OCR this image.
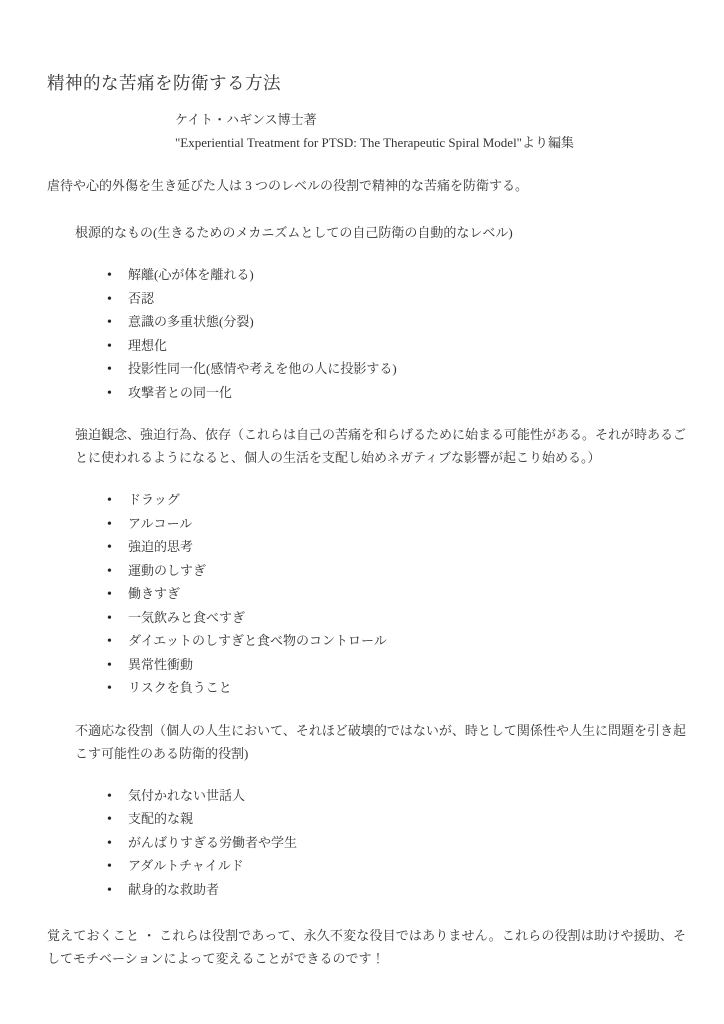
精神的な苦痛を防衛する方法
ケイト・ハギンス博士著
"Experiential Treatment for PTSD: The Therapeutic Spiral Model"より編集

虐待や心的外傷を生き延びた人は 3 つのレベルの役割で精神的な苦痛を防衛する。

根源的なもの(生きるためのメカニズムとしての自己防衛の自動的なレベル)

•	解離(心が体を離れる)
•	否認
•	意識の多重状態(分裂)
•	理想化
•	投影性同一化(感情や考えを他の人に投影する)
•	攻撃者との同一化

強迫観念、強迫行為、依存（これらは自己の苦痛を和らげるために始まる可能性がある。それが時あるごとに使われるようになると、個人の生活を支配し始めネガティブな影響が起こり始める。）

•	ドラッグ
•	アルコール
•	強迫的思考
•	運動のしすぎ
•	働きすぎ
•	一気飲みと食べすぎ
•	ダイエットのしすぎと食べ物のコントロール
•	異常性衝動
•	リスクを負うこと

不適応な役割（個人の人生において、それほど破壊的ではないが、時として関係性や人生に問題を引き起こす可能性のある防衛的役割)

•	気付かれない世話人
•	支配的な親
•	がんばりすぎる労働者や学生
•	アダルトチャイルド
•	献身的な救助者

覚えておくこと ・ これらは役割であって、永久不変な役目ではありません。これらの役割は助けや援助、そしてモチベーションによって変えることができるのです！
